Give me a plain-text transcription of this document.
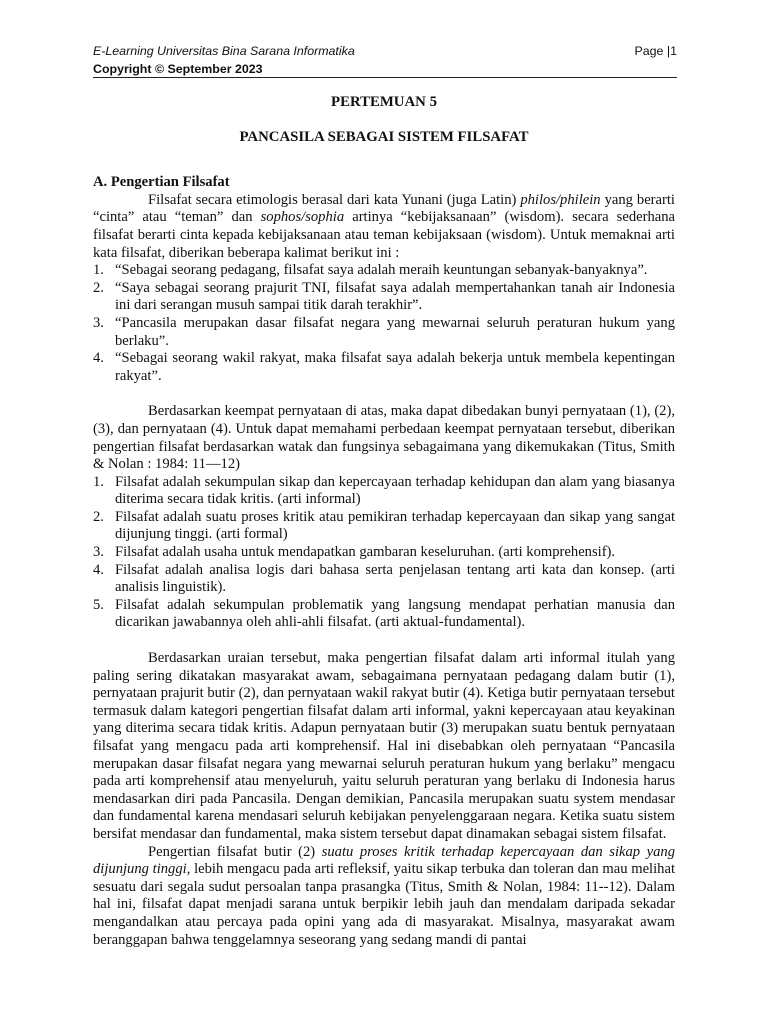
E-Learning Universitas Bina Sarana Informatika
Copyright © September 2023
Page |1
PERTEMUAN 5
PANCASILA SEBAGAI SISTEM FILSAFAT
A. Pengertian Filsafat

Filsafat secara etimologis berasal dari kata Yunani (juga Latin) philos/philein yang berarti “cinta” atau “teman” dan sophos/sophia artinya “kebijaksanaan” (wisdom). secara sederhana filsafat berarti cinta kepada kebijaksanaan atau teman kebijaksaan (wisdom). Untuk memaknai arti kata filsafat, diberikan beberapa kalimat berikut ini :

1. “Sebagai seorang pedagang, filsafat saya adalah meraih keuntungan sebanyak-banyaknya”.
2. “Saya sebagai seorang prajurit TNI, filsafat saya adalah mempertahankan tanah air Indonesia ini dari serangan musuh sampai titik darah terakhir”.
3. “Pancasila merupakan dasar filsafat negara yang mewarnai seluruh peraturan hukum yang berlaku”.
4. “Sebagai seorang wakil rakyat, maka filsafat saya adalah bekerja untuk membela kepentingan rakyat”.

Berdasarkan keempat pernyataan di atas, maka dapat dibedakan bunyi pernyataan (1), (2), (3), dan pernyataan (4). Untuk dapat memahami perbedaan keempat pernyataan tersebut, diberikan pengertian filsafat berdasarkan watak dan fungsinya sebagaimana yang dikemukakan (Titus, Smith & Nolan : 1984: 11—12)

1. Filsafat adalah sekumpulan sikap dan kepercayaan terhadap kehidupan dan alam yang biasanya diterima secara tidak kritis. (arti informal)
2. Filsafat adalah suatu proses kritik atau pemikiran terhadap kepercayaan dan sikap yang sangat dijunjung tinggi. (arti formal)
3. Filsafat adalah usaha untuk mendapatkan gambaran keseluruhan. (arti komprehensif).
4. Filsafat adalah analisa logis dari bahasa serta penjelasan tentang arti kata dan konsep. (arti analisis linguistik).
5. Filsafat adalah sekumpulan problematik yang langsung mendapat perhatian manusia dan dicarikan jawabannya oleh ahli-ahli filsafat. (arti aktual-fundamental).

Berdasarkan uraian tersebut, maka pengertian filsafat dalam arti informal itulah yang paling sering dikatakan masyarakat awam, sebagaimana pernyataan pedagang dalam butir (1), pernyataan prajurit butir (2), dan pernyataan wakil rakyat butir (4). Ketiga butir pernyataan tersebut termasuk dalam kategori pengertian filsafat dalam arti informal, yakni kepercayaan atau keyakinan yang diterima secara tidak kritis. Adapun pernyataan butir (3) merupakan suatu bentuk pernyataan filsafat yang mengacu pada arti komprehensif. Hal ini disebabkan oleh pernyataan “Pancasila merupakan dasar filsafat negara yang mewarnai seluruh peraturan hukum yang berlaku” mengacu pada arti komprehensif atau menyeluruh, yaitu seluruh peraturan yang berlaku di Indonesia harus mendasarkan diri pada Pancasila. Dengan demikian, Pancasila merupakan suatu system mendasar dan fundamental karena mendasari seluruh kebijakan penyelenggaraan negara. Ketika suatu sistem bersifat mendasar dan fundamental, maka sistem tersebut dapat dinamakan sebagai sistem filsafat.

Pengertian filsafat butir (2) suatu proses kritik terhadap kepercayaan dan sikap yang dijunjung tinggi, lebih mengacu pada arti refleksif, yaitu sikap terbuka dan toleran dan mau melihat sesuatu dari segala sudut persoalan tanpa prasangka (Titus, Smith & Nolan, 1984: 11--12). Dalam hal ini, filsafat dapat menjadi sarana untuk berpikir lebih jauh dan mendalam daripada sekadar mengandalkan atau percaya pada opini yang ada di masyarakat. Misalnya, masyarakat awam beranggapan bahwa tenggelamnya seseorang yang sedang mandi di pantai
